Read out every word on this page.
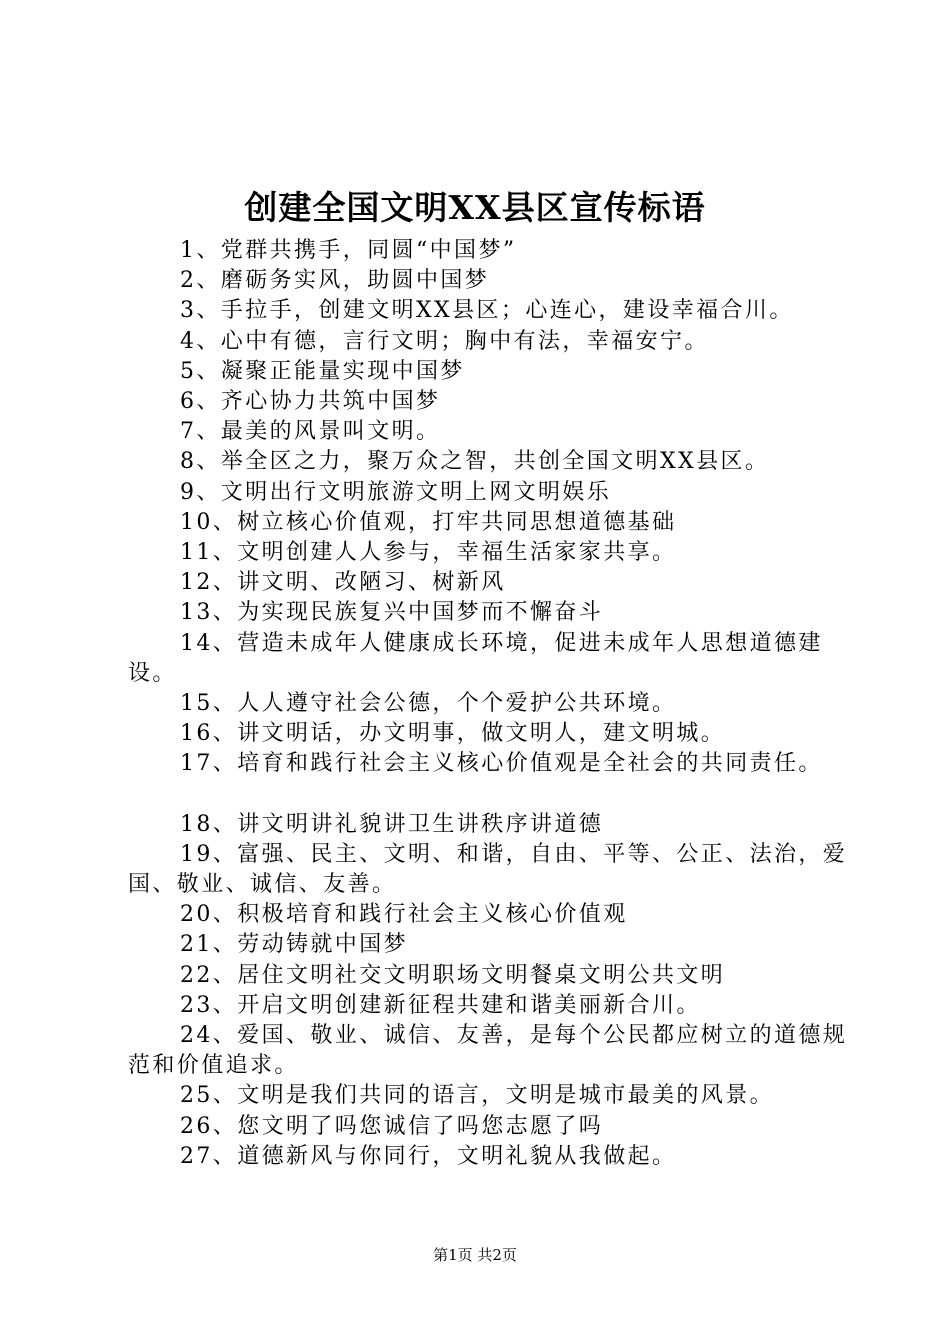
创建全国文明XX县区宣传标语
1、党群共携手，同圆“中国梦”
2、磨砺务实风，助圆中国梦
3、手拉手，创建文明XX县区；心连心，建设幸福合川。
4、心中有德，言行文明；胸中有法，幸福安宁。
5、凝聚正能量实现中国梦
6、齐心协力共筑中国梦
7、最美的风景叫文明。
8、举全区之力，聚万众之智，共创全国文明XX县区。
9、文明出行文明旅游文明上网文明娱乐
10、树立核心价值观，打牢共同思想道德基础
11、文明创建人人参与，幸福生活家家共享。
12、讲文明、改陋习、树新风
13、为实现民族复兴中国梦而不懈奋斗
14、营造未成年人健康成长环境，促进未成年人思想道德建设。
15、人人遵守社会公德，个个爱护公共环境。
16、讲文明话，办文明事，做文明人，建文明城。
17、培育和践行社会主义核心价值观是全社会的共同责任。
18、讲文明讲礼貌讲卫生讲秩序讲道德
19、富强、民主、文明、和谐，自由、平等、公正、法治，爱国、敬业、诚信、友善。
20、积极培育和践行社会主义核心价值观
21、劳动铸就中国梦
22、居住文明社交文明职场文明餐桌文明公共文明
23、开启文明创建新征程共建和谐美丽新合川。
24、爱国、敬业、诚信、友善，是每个公民都应树立的道德规范和价值追求。
25、文明是我们共同的语言，文明是城市最美的风景。
26、您文明了吗您诚信了吗您志愿了吗
27、道德新风与你同行，文明礼貌从我做起。
第1页 共2页
